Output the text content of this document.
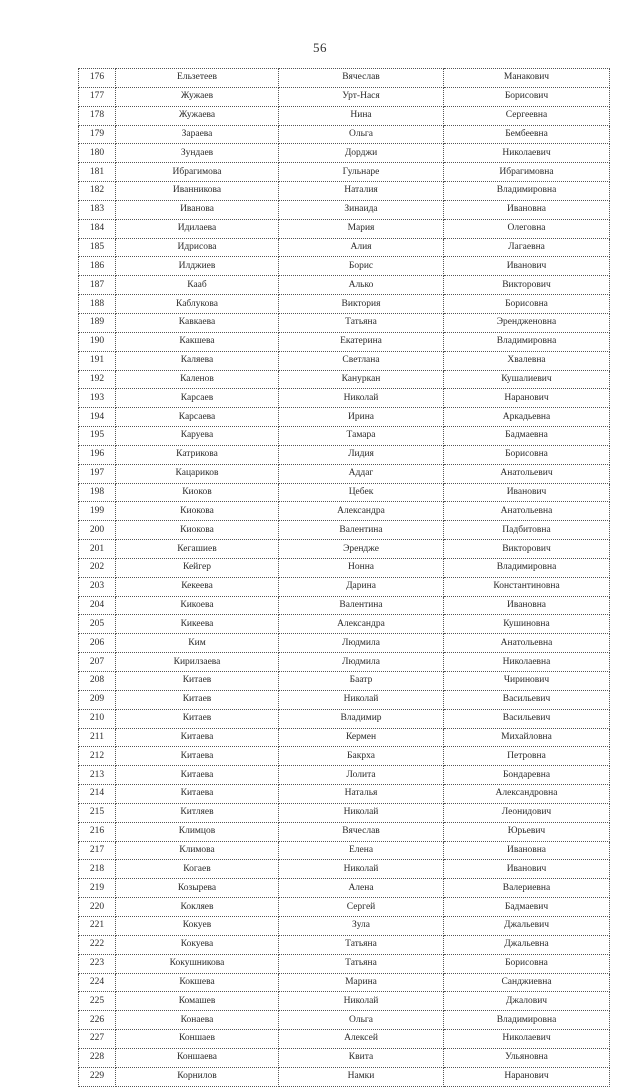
56
176	Ельзетеев	Вячеслав	Манакович
177	Жужаев	Урт-Нася	Борисович
178	Жужаева	Нина	Сергеевна
179	Зараева	Ольга	Бембеевна
180	Зундаев	Дорджи	Николаевич
181	Ибрагимова	Гульнаре	Ибрагимовна
182	Иванникова	Наталия	Владимировна
183	Иванова	Зинаида	Ивановна
184	Идилаева	Мария	Олеговна
185	Идрисова	Алия	Лагаевна
186	Илджиев	Борис	Иванович
187	Кааб	Алько	Викторович
188	Каблукова	Виктория	Борисовна
189	Кавкаева	Татьяна	Эрендженовна
190	Какшева	Екатерина	Владимировна
191	Каляева	Светлана	Хвалевна
192	Каленов	Кануркан	Кушалиевич
193	Карсаев	Николай	Наранович
194	Карсаева	Ирина	Аркадьевна
195	Каруева	Тамара	Бадмаевна
196	Катрикова	Лидия	Борисовна
197	Кацариков	Аддаг	Анатольевич
198	Киоков	Цебек	Иванович
199	Киокова	Александра	Анатольевна
200	Киокова	Валентина	Падбитовна
201	Кегашиев	Эрендже	Викторович
202	Кейгер	Нонна	Владимировна
203	Кекеева	Дарина	Константиновна
204	Кикоева	Валентина	Ивановна
205	Кикеева	Александра	Кушиновна
206	Ким	Людмила	Анатольевна
207	Кирилзаева	Людмила	Николаевна
208	Китаев	Баатр	Чиринович
209	Китаев	Николай	Васильевич
210	Китаев	Владимир	Васильевич
211	Китаева	Кермен	Михайловна
212	Китаева	Бакрха	Петровна
213	Китаева	Лолита	Бондаревна
214	Китаева	Наталья	Александровна
215	Китляев	Николай	Леонидович
216	Климцов	Вячеслав	Юрьевич
217	Климова	Елена	Ивановна
218	Когаев	Николай	Иванович
219	Козырева	Алена	Валериевна
220	Кокляев	Сергей	Бадмаевич
221	Кокуев	Зула	Джальевич
222	Кокуева	Татьяна	Джальевна
223	Кокушникова	Татьяна	Борисовна
224	Кокшева	Марина	Санджиевна
225	Комашев	Николай	Джалович
226	Конаева	Ольга	Владимировна
227	Коншаев	Алексей	Николаевич
228	Коншаева	Квита	Ульяновна
229	Корнилов	Намки	Наранович
